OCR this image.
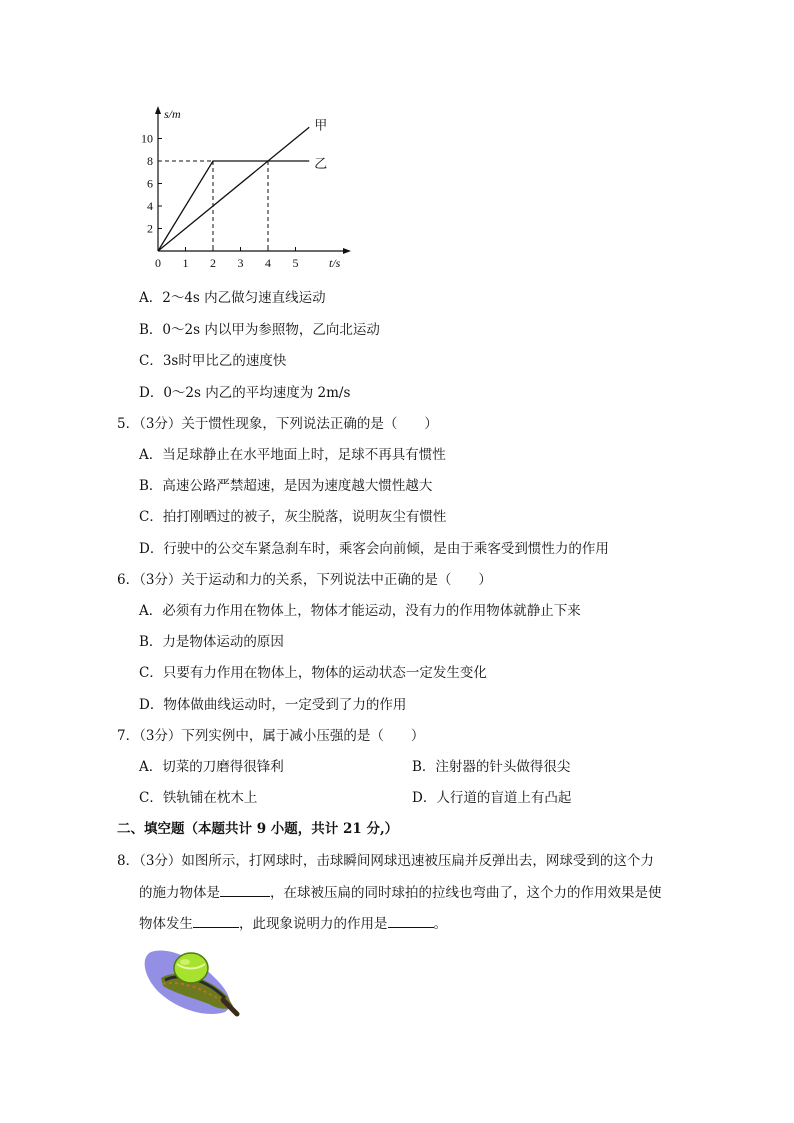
0 1 2 3 4 5
2
4
6
8
10
t/s
s/m
甲
乙
A．2～4s 内乙做匀速直线运动
B．0～2s 内以甲为参照物，乙向北运动
C．3s时甲比乙的速度快
D．0～2s 内乙的平均速度为 2m/s
5．（3分）关于惯性现象，下列说法正确的是（　　）
A．当足球静止在水平地面上时，足球不再具有惯性
B．高速公路严禁超速，是因为速度越大惯性越大
C．拍打刚晒过的被子，灰尘脱落，说明灰尘有惯性
D．行驶中的公交车紧急刹车时，乘客会向前倾，是由于乘客受到惯性力的作用
6．（3分）关于运动和力的关系，下列说法中正确的是（　　）
A．必须有力作用在物体上，物体才能运动，没有力的作用物体就静止下来
B．力是物体运动的原因
C．只要有力作用在物体上，物体的运动状态一定发生变化
D．物体做曲线运动时，一定受到了力的作用
7．（3分）下列实例中，属于减小压强的是（　　）
A．切菜的刀磨得很锋利	B．注射器的针头做得很尖
C．铁轨铺在枕木上	D．人行道的盲道上有凸起
二、填空题（本题共计 9 小题，共计 21 分,）
8．（3分）如图所示，打网球时，击球瞬间网球迅速被压扁并反弹出去，网球受到的这个力
的施力物体是	，在球被压扁的同时球拍的拉线也弯曲了，这个力的作用效果是使
物体发生	，此现象说明力的作用是	。
